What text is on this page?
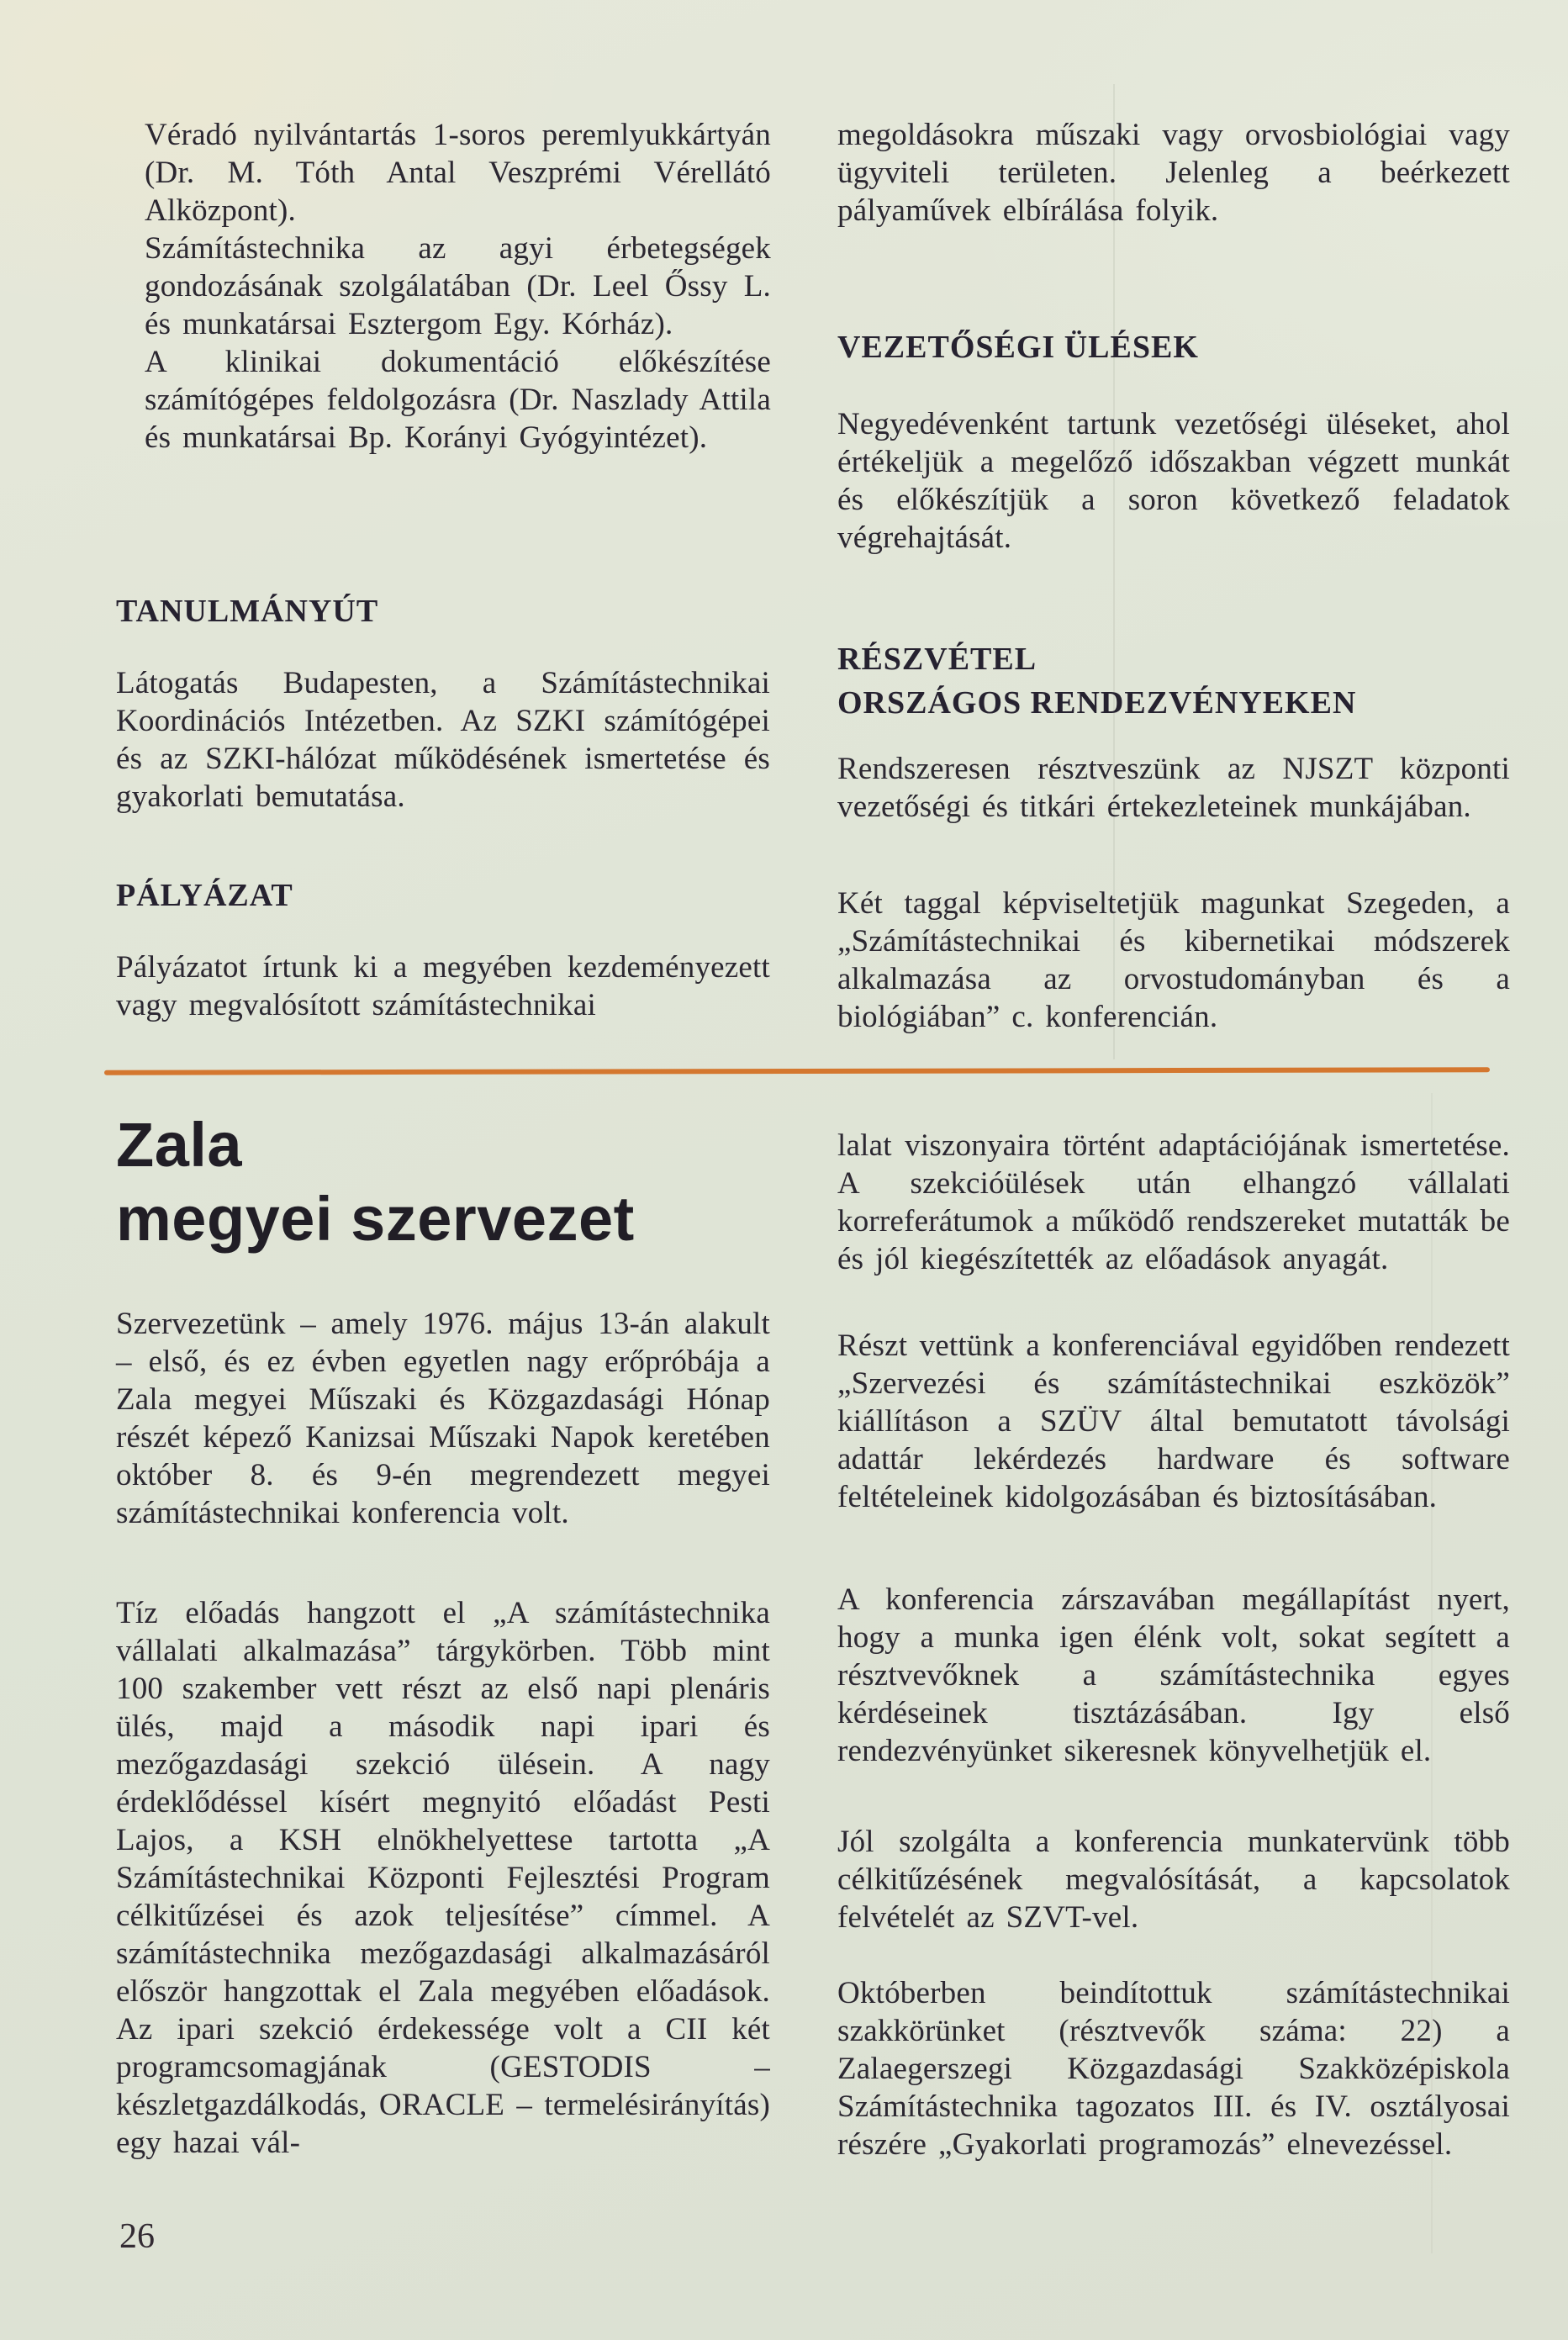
Véradó nyilvántartás 1-soros peremlyukkártyán (Dr. M. Tóth Antal Veszprémi Vérellátó Alközpont).

Számítástechnika az agyi érbetegségek gondozásának szolgálatában (Dr. Leel Őssy L. és munkatársai Esztergom Egy. Kórház).

A klinikai dokumentáció előkészítése számítógépes feldolgozásra (Dr. Naszlady Attila és munkatársai Bp. Korányi Gyógyintézet).

TANULMÁNYÚT

Látogatás Budapesten, a Számítástechnikai Koordinációs Intézetben. Az SZKI számítógépei és az SZKI-hálózat működésének ismertetése és gyakorlati bemutatása.

PÁLYÁZAT

Pályázatot írtunk ki a megyében kezdeményezett vagy megvalósított számítástechnikai

megoldásokra műszaki vagy orvosbiológiai vagy ügyviteli területen. Jelenleg a beérkezett pályaművek elbírálása folyik.

VEZETŐSÉGI ÜLÉSEK

Negyedévenként tartunk vezetőségi üléseket, ahol értékeljük a megelőző időszakban végzett munkát és előkészítjük a soron következő feladatok végrehajtását.

RÉSZVÉTEL
ORSZÁGOS RENDEZVÉNYEKEN

Rendszeresen résztveszünk az NJSZT központi vezetőségi és titkári értekezleteinek munkájában.

Két taggal képviseltetjük magunkat Szegeden, a „Számítástechnikai és kibernetikai módszerek alkalmazása az orvostudományban és a biológiában” c. konferencián.

Zala
megyei szervezet

Szervezetünk – amely 1976. május 13-án alakult – első, és ez évben egyetlen nagy erőpróbája a Zala megyei Műszaki és Közgazdasági Hónap részét képező Kanizsai Műszaki Napok keretében október 8. és 9-én megrendezett megyei számítástechnikai konferencia volt.

Tíz előadás hangzott el „A számítástechnika vállalati alkalmazása” tárgykörben. Több mint 100 szakember vett részt az első napi plenáris ülés, majd a második napi ipari és mezőgazdasági szekció ülésein. A nagy érdeklődéssel kísért megnyitó előadást Pesti Lajos, a KSH elnökhelyettese tartotta „A Számítástechnikai Központi Fejlesztési Program célkitűzései és azok teljesítése” címmel. A számítástechnika mezőgazdasági alkalmazásáról először hangzottak el Zala megyében előadások. Az ipari szekció érdekessége volt a CII két programcsomagjának (GESTODIS – készletgazdálkodás, ORACLE – termelésirányítás) egy hazai vál-

lalat viszonyaira történt adaptációjának ismertetése. A szekcióülések után elhangzó vállalati korreferátumok a működő rendszereket mutatták be és jól kiegészítették az előadások anyagát.

Részt vettünk a konferenciával egyidőben rendezett „Szervezési és számítástechnikai eszközök” kiállításon a SZÜV által bemutatott távolsági adattár lekérdezés hardware és software feltételeinek kidolgozásában és biztosításában.

A konferencia zárszavában megállapítást nyert, hogy a munka igen élénk volt, sokat segített a résztvevőknek a számítástechnika egyes kérdéseinek tisztázásában. Igy első rendezvényünket sikeresnek könyvelhetjük el.

Jól szolgálta a konferencia munkatervünk több célkitűzésének megvalósítását, a kapcsolatok felvételét az SZVT-vel.

Októberben beindítottuk számítástechnikai szakkörünket (résztvevők száma: 22) a Zalaegerszegi Közgazdasági Szakközépiskola Számítástechnika tagozatos III. és IV. osztályosai részére „Gyakorlati programozás” elnevezéssel.

26
